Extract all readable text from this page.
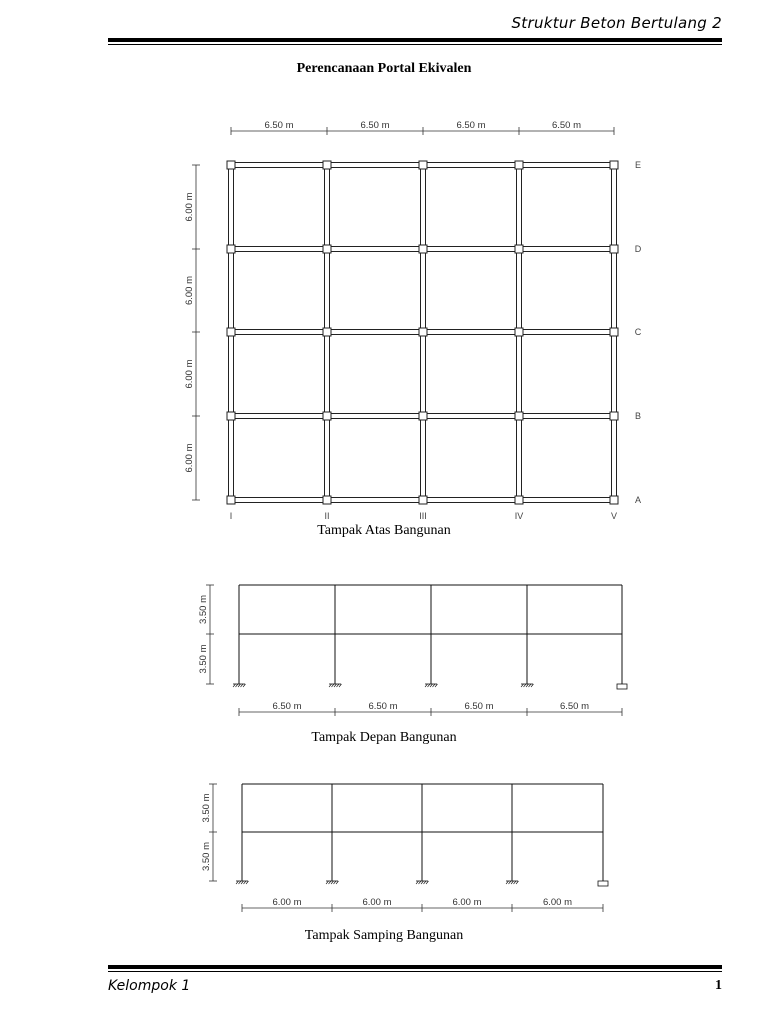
Struktur Beton Bertulang 2
Perencanaan Portal Ekivalen
6.50 m	6.50 m	6.50 m	6.50 m
6.00 m
6.00 m
6.00 m
6.00 m
I	II	III	IV	V
E
D
C
B
A
3.50 m
3.50 m
6.50 m	6.50 m	6.50 m	6.50 m
3.50 m
3.50 m
6.00 m	6.00 m	6.00 m	6.00 m
Tampak Atas Bangunan
Tampak Depan Bangunan
Tampak Samping Bangunan
Kelompok 1	1
